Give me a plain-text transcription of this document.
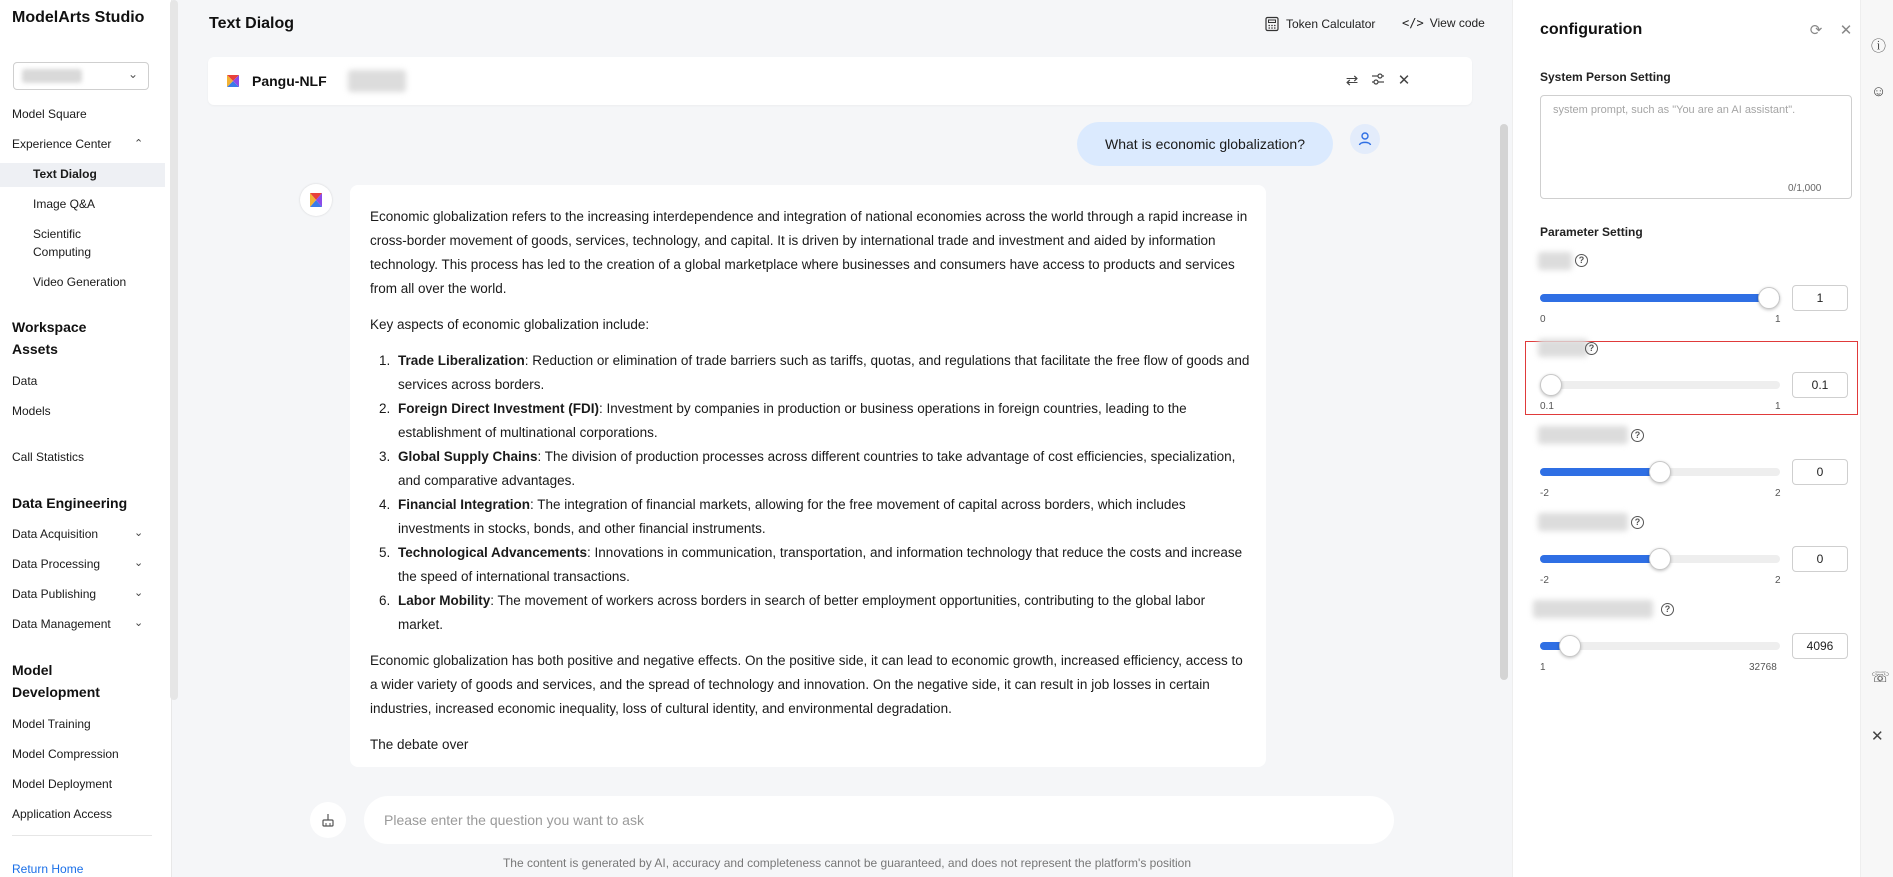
ModelArts Studio
⌄
Model Square
Experience Center ⌃
Text Dialog
Image Q&A
Scientific
Computing
Video Generation
Workspace
Assets
Data
Models
Call Statistics
Data Engineering
Data Acquisition	⌄
Data Processing	⌄
Data Publishing	⌄
Data Management ⌄
Model
Development
Model Training
Model Compression
Model Deployment
Application Access
Return Home
Text Dialog	Token Calculator </> View code
Pangu-NLF	⇄	✕
What is economic globalization?

Economic globalization refers to the increasing interdependence and integration of national economies across the world through a rapid increase in cross-border movement of goods, services, technology, and capital. It is driven by international trade and investment and aided by information technology. This process has led to the creation of a global marketplace where businesses and consumers have access to products and services from all over the world.

Key aspects of economic globalization include:

1. Trade Liberalization: Reduction or elimination of trade barriers such as tariffs, quotas, and regulations that facilitate the free flow of goods and services across borders.
2. Foreign Direct Investment (FDI): Investment by companies in production or business operations in foreign countries, leading to the establishment of multinational corporations.
3. Global Supply Chains: The division of production processes across different countries to take advantage of cost efficiencies, specialization, and comparative advantages.
4. Financial Integration: The integration of financial markets, allowing for the free movement of capital across borders, which includes investments in stocks, bonds, and other financial instruments.
5. Technological Advancements: Innovations in communication, transportation, and information technology that reduce the costs and increase the speed of international transactions.
6. Labor Mobility: The movement of workers across borders in search of better employment opportunities, contributing to the global labor market.

Economic globalization has both positive and negative effects. On the positive side, it can lead to economic growth, increased efficiency, access to a wider variety of goods and services, and the spread of technology and innovation. On the negative side, it can result in job losses in certain industries, increased economic inequality, loss of cultural identity, and environmental degradation.

The debate over

Please enter the question you want to ask
The content is generated by AI, accuracy and completeness cannot be guaranteed, and does not represent the platform's position
configuration	⟳	✕
System Person Setting
system prompt, such as "You are an AI assistant".
0/1,000
Parameter Setting
?
0	1
1
?
0.1	1
0.1
?
-2	2
0
?
-2	2
0
?
1	32768
4096
ⓘ
☺
☏
✕
